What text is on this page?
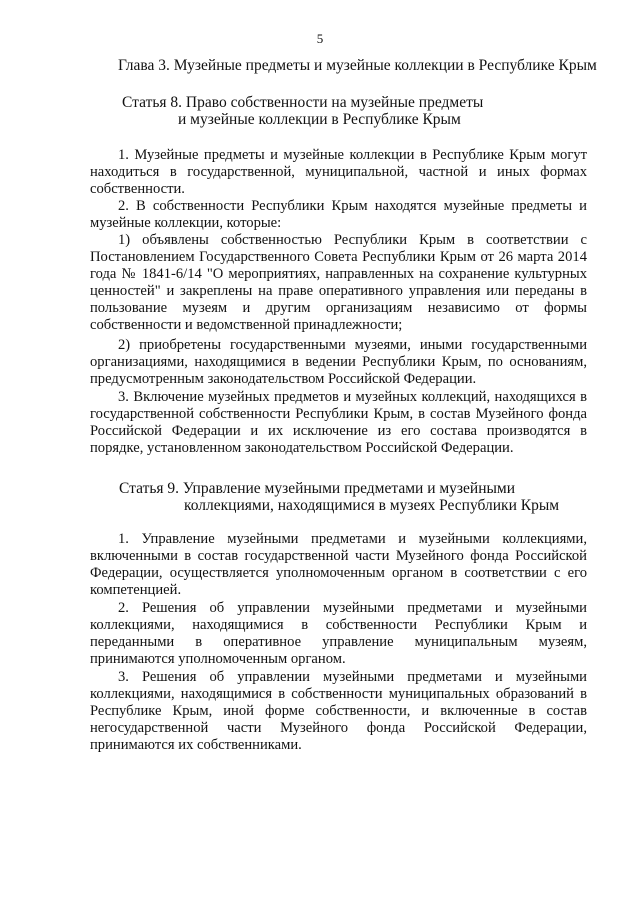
5
Глава 3. Музейные предметы и музейные коллекции в Республике Крым
Статья 8. Право собственности на музейные предметы
и музейные коллекции в Республике Крым

1. Музейные предметы и музейные коллекции в Республике Крым могут находиться в государственной, муниципальной, частной и иных формах собственности.

2. В собственности Республики Крым находятся музейные предметы и музейные коллекции, которые:

1) объявлены собственностью Республики Крым в соответствии с Постановлением Государственного Совета Республики Крым от 26 марта 2014 года № 1841-6/14 "О мероприятиях, направленных на сохранение культурных ценностей" и закреплены на праве оперативного управления или переданы в пользование музеям и другим организациям независимо от формы собственности и ведомственной принадлежности;

2) приобретены государственными музеями, иными государственными организациями, находящимися в ведении Республики Крым, по основаниям, предусмотренным законодательством Российской Федерации.

3. Включение музейных предметов и музейных коллекций, находящихся в государственной собственности Республики Крым, в состав Музейного фонда Российской Федерации и их исключение из его состава производятся в порядке, установленном законодательством Российской Федерации.

Статья 9. Управление музейными предметами и музейными
коллекциями, находящимися в музеях Республики Крым

1. Управление музейными предметами и музейными коллекциями, включенными в состав государственной части Музейного фонда Российской Федерации, осуществляется уполномоченным органом в соответствии с его компетенцией.

2. Решения об управлении музейными предметами и музейными коллекциями, находящимися в собственности Республики Крым и переданными в оперативное управление муниципальным музеям, принимаются уполномоченным органом.

3. Решения об управлении музейными предметами и музейными коллекциями, находящимися в собственности муниципальных образований в Республике Крым, иной форме собственности, и включенные в состав негосударственной части Музейного фонда Российской Федерации, принимаются их собственниками.
